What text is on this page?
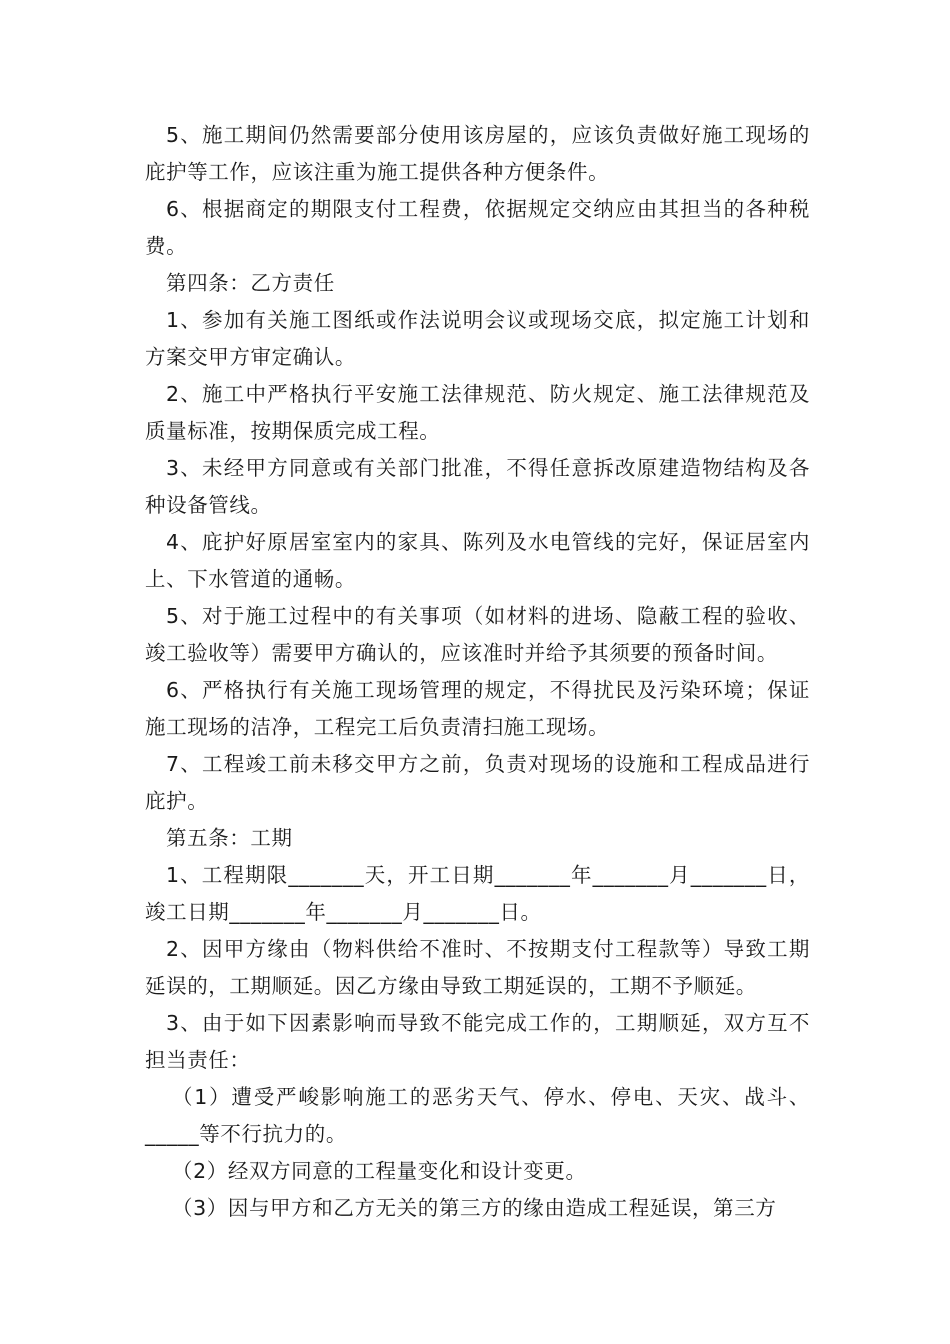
5、施工期间仍然需要部分使用该房屋的，应该负责做好施工现场的庇护等工作，应该注重为施工提供各种方便条件。

6、根据商定的期限支付工程费，依据规定交纳应由其担当的各种税费。

第四条：乙方责任

1、参加有关施工图纸或作法说明会议或现场交底，拟定施工计划和方案交甲方审定确认。

2、施工中严格执行平安施工法律规范、防火规定、施工法律规范及质量标准，按期保质完成工程。

3、未经甲方同意或有关部门批准，不得任意拆改原建造物结构及各种设备管线。

4、庇护好原居室室内的家具、陈列及水电管线的完好，保证居室内上、下水管道的通畅。

5、对于施工过程中的有关事项（如材料的进场、隐蔽工程的验收、竣工验收等）需要甲方确认的，应该准时并给予其须要的预备时间。

6、严格执行有关施工现场管理的规定，不得扰民及污染环境；保证施工现场的洁净，工程完工后负责清扫施工现场。

7、工程竣工前未移交甲方之前，负责对现场的设施和工程成品进行庇护。

第五条：工期

1、工程期限_______天，开工日期_______年_______月_______日，竣工日期_______年_______月_______日。

2、因甲方缘由（物料供给不准时、不按期支付工程款等）导致工期延误的，工期顺延。因乙方缘由导致工期延误的，工期不予顺延。

3、由于如下因素影响而导致不能完成工作的，工期顺延，双方互不担当责任：

（1）遭受严峻影响施工的恶劣天气、停水、停电、天灾、战斗、_____等不行抗力的。

（2）经双方同意的工程量变化和设计变更。

（3）因与甲方和乙方无关的第三方的缘由造成工程延误，第三方
